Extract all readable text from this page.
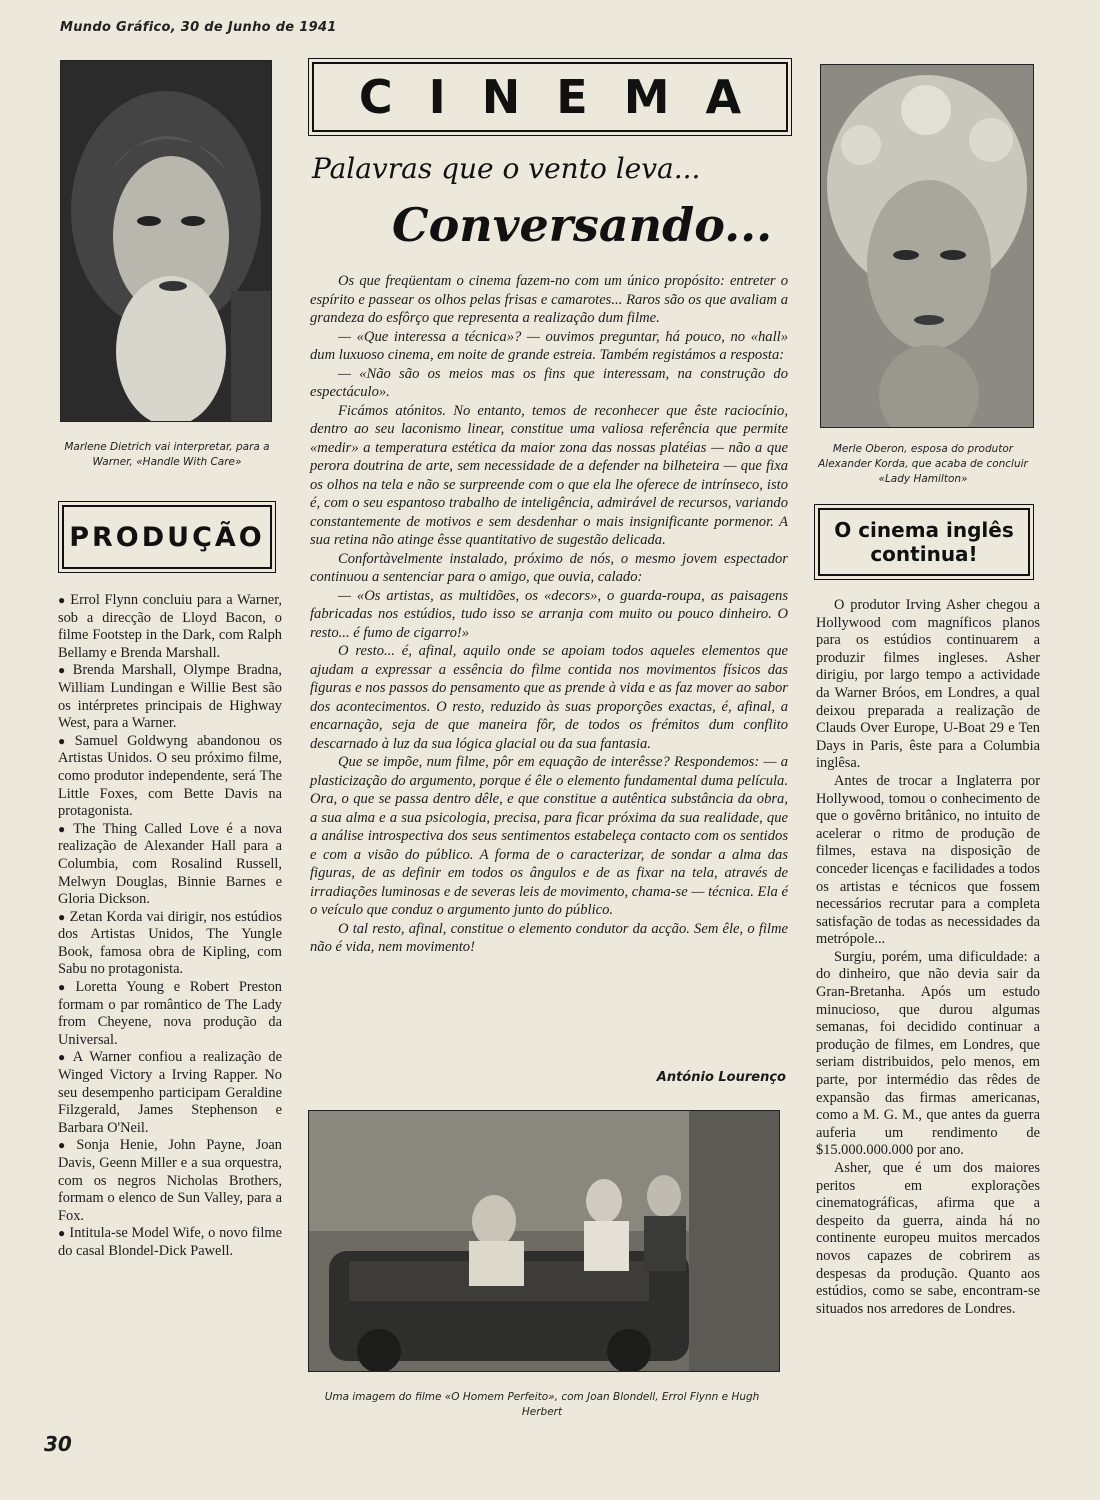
Mundo Gráfico, 30 de Junho de 1941
Marlene Dietrich vai interpretar, para a Warner, «Handle With Care»
PRODUÇÃO

● Errol Flynn concluiu para a Warner, sob a direcção de Lloyd Bacon, o filme Footstep in the Dark, com Ralph Bellamy e Brenda Marshall.

● Brenda Marshall, Olympe Bradna, William Lundingan e Willie Best são os intérpretes principais de Highway West, para a Warner.

● Samuel Goldwyng abandonou os Artistas Unidos. O seu próximo filme, como produtor independente, será The Little Foxes, com Bette Davis na protagonista.

● The Thing Called Love é a nova realização de Alexander Hall para a Columbia, com Rosalind Russell, Melwyn Douglas, Binnie Barnes e Gloria Dickson.

● Zetan Korda vai dirigir, nos estúdios dos Artistas Unidos, The Yungle Book, famosa obra de Kipling, com Sabu no protagonista.

● Loretta Young e Robert Preston formam o par romântico de The Lady from Cheyene, nova produção da Universal.

● A Warner confiou a realização de Winged Victory a Irving Rapper. No seu desempenho participam Geraldine Filzgerald, James Stephenson e Barbara O'Neil.

● Sonja Henie, John Payne, Joan Davis, Geenn Miller e a sua orquestra, com os negros Nicholas Brothers, formam o elenco de Sun Valley, para a Fox.

● Intitula-se Model Wife, o novo filme do casal Blondel-Dick Pawell.

30
CINEMA
Palavras que o vento leva...
Conversando...

Os que freqüentam o cinema fazem-no com um único propósito: entreter o espírito e passear os olhos pelas frisas e camarotes... Raros são os que avaliam a grandeza do esfôrço que representa a realização dum filme.

— «Que interessa a técnica»? — ouvimos preguntar, há pouco, no «hall» dum luxuoso cinema, em noite de grande estreia. Também registámos a resposta:

— «Não são os meios mas os fins que interessam, na construção do espectáculo».

Ficámos atónitos. No entanto, temos de reconhecer que êste raciocínio, dentro ao seu laconismo linear, constitue uma valiosa referência que permite «medir» a temperatura estética da maior zona das nossas platéias — não a que perora doutrina de arte, sem necessidade de a defender na bilheteira — que fixa os olhos na tela e não se surpreende com o que ela lhe oferece de intrínseco, isto é, com o seu espantoso trabalho de inteligência, admirável de recursos, variando constantemente de motivos e sem desdenhar o mais insignificante pormenor. A sua retina não atinge êsse quantitativo de sugestão delicada.

Confortàvelmente instalado, próximo de nós, o mesmo jovem espectador continuou a sentenciar para o amigo, que ouvia, calado:

— «Os artistas, as multidões, os «decors», o guarda-roupa, as paisagens fabricadas nos estúdios, tudo isso se arranja com muito ou pouco dinheiro. O resto... é fumo de cigarro!»

O resto... é, afinal, aquilo onde se apoiam todos aqueles elementos que ajudam a expressar a essência do filme contida nos movimentos físicos das figuras e nos passos do pensamento que as prende à vida e as faz mover ao sabor dos acontecimentos. O resto, reduzido às suas proporções exactas, é, afinal, a encarnação, seja de que maneira fôr, de todos os frémitos dum conflito descarnado à luz da sua lógica glacial ou da sua fantasia.

Que se impõe, num filme, pôr em equação de interêsse? Respondemos: — a plasticização do argumento, porque é êle o elemento fundamental duma película. Ora, o que se passa dentro dêle, e que constitue a autêntica substância da obra, a sua alma e a sua psicologia, precisa, para ficar próxima da sua realidade, que a análise introspectiva dos seus sentimentos estabeleça contacto com os sentidos e com a visão do público. A forma de o caracterizar, de sondar a alma das figuras, de as definir em todos os ângulos e de as fixar na tela, através de irradiações luminosas e de severas leis de movimento, chama-se — técnica. Ela é o veículo que conduz o argumento junto do público.

O tal resto, afinal, constitue o elemento condutor da acção. Sem êle, o filme não é vida, nem movimento!

António Lourenço
Uma imagem do filme «O Homem Perfeito», com Joan Blondell, Errol Flynn e Hugh Herbert
Merle Oberon, esposa do produtor Alexander Korda, que acaba de concluir «Lady Hamilton»
O cinema inglês continua!

O produtor Irving Asher chegou a Hollywood com magníficos planos para os estúdios continuarem a produzir filmes ingleses. Asher dirigiu, por largo tempo a actividade da Warner Bróos, em Londres, a qual deixou preparada a realização de Clauds Over Europe, U-Boat 29 e Ten Days in Paris, êste para a Columbia inglêsa.

Antes de trocar a Inglaterra por Hollywood, tomou o conhecimento de que o govêrno britânico, no intuito de acelerar o ritmo de produção de filmes, estava na disposição de conceder licenças e facilidades a todos os artistas e técnicos que fossem necessários recrutar para a completa satisfação de todas as necessidades da metrópole...

Surgiu, porém, uma dificuldade: a do dinheiro, que não devia sair da Gran-Bretanha. Após um estudo minucioso, que durou algumas semanas, foi decidido continuar a produção de filmes, em Londres, que seriam distribuidos, pelo menos, em parte, por intermédio das rêdes de expansão das firmas americanas, como a M. G. M., que antes da guerra auferia um rendimento de $15.000.000.000 por ano.

Asher, que é um dos maiores peritos em explorações cinematográficas, afirma que a despeito da guerra, ainda há no continente europeu muitos mercados novos capazes de cobrirem as despesas da produção. Quanto aos estúdios, como se sabe, encontram-se situados nos arredores de Londres.
